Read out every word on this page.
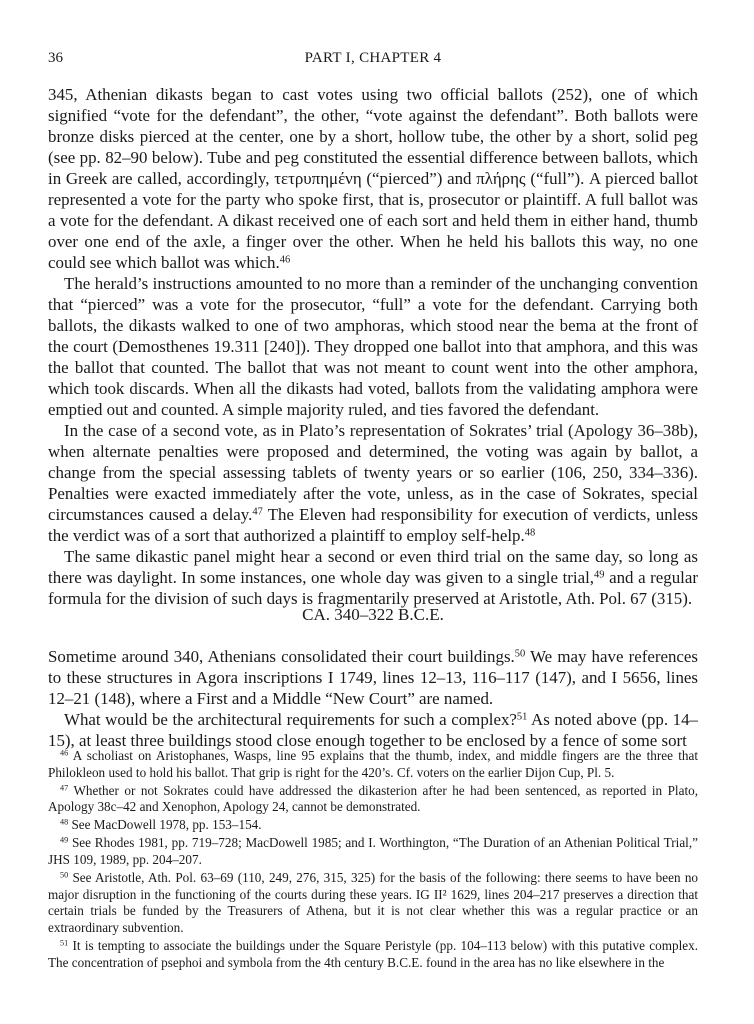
36	PART I, CHAPTER 4

345, Athenian dikasts began to cast votes using two official ballots (252), one of which signified “vote for the defendant”, the other, “vote against the defendant”. Both ballots were bronze disks pierced at the center, one by a short, hollow tube, the other by a short, solid peg (see pp. 82–90 below). Tube and peg constituted the essential difference between ballots, which in Greek are called, accordingly, τετρυπημένη (“pierced”) and πλήρης (“full”). A pierced ballot represented a vote for the party who spoke first, that is, prosecutor or plaintiff. A full ballot was a vote for the defendant. A dikast received one of each sort and held them in either hand, thumb over one end of the axle, a finger over the other. When he held his ballots this way, no one could see which ballot was which.$^{46}$

The herald’s instructions amounted to no more than a reminder of the unchanging convention that “pierced” was a vote for the prosecutor, “full” a vote for the defendant. Carrying both ballots, the dikasts walked to one of two amphoras, which stood near the bema at the front of the court (Demosthenes 19.311 [240]). They dropped one ballot into that amphora, and this was the ballot that counted. The ballot that was not meant to count went into the other amphora, which took discards. When all the dikasts had voted, ballots from the validating amphora were emptied out and counted. A simple majority ruled, and ties favored the defendant.

In the case of a second vote, as in Plato’s representation of Sokrates’ trial (Apology 36–38b), when alternate penalties were proposed and determined, the voting was again by ballot, a change from the special assessing tablets of twenty years or so earlier (106, 250, 334–336). Penalties were exacted immediately after the vote, unless, as in the case of Sokrates, special circumstances caused a delay.$^{47}$ The Eleven had responsibility for execution of verdicts, unless the verdict was of a sort that authorized a plaintiff to employ self-help.$^{48}$

The same dikastic panel might hear a second or even third trial on the same day, so long as there was daylight. In some instances, one whole day was given to a single trial,$^{49}$ and a regular formula for the division of such days is fragmentarily preserved at Aristotle, Ath. Pol. 67 (315).

CA. 340–322 B.C.E.

Sometime around 340, Athenians consolidated their court buildings.$^{50}$ We may have references to these structures in Agora inscriptions I 1749, lines 12–13, 116–117 (147), and I 5656, lines 12–21 (148), where a First and a Middle “New Court” are named.

What would be the architectural requirements for such a complex?$^{51}$ As noted above (pp. 14–15), at least three buildings stood close enough together to be enclosed by a fence of some sort

$^{46}$ A scholiast on Aristophanes, Wasps, line 95 explains that the thumb, index, and middle fingers are the three that Philokleon used to hold his ballot. That grip is right for the 420’s. Cf. voters on the earlier Dijon Cup, Pl. 5.

$^{47}$ Whether or not Sokrates could have addressed the dikasterion after he had been sentenced, as reported in Plato, Apology 38c–42 and Xenophon, Apology 24, cannot be demonstrated.

$^{48}$ See MacDowell 1978, pp. 153–154.

$^{49}$ See Rhodes 1981, pp. 719–728; MacDowell 1985; and I. Worthington, “The Duration of an Athenian Political Trial,” JHS 109, 1989, pp. 204–207.

$^{50}$ See Aristotle, Ath. Pol. 63–69 (110, 249, 276, 315, 325) for the basis of the following: there seems to have been no major disruption in the functioning of the courts during these years. IG II² 1629, lines 204–217 preserves a direction that certain trials be funded by the Treasurers of Athena, but it is not clear whether this was a regular practice or an extraordinary subvention.

$^{51}$ It is tempting to associate the buildings under the Square Peristyle (pp. 104–113 below) with this putative complex. The concentration of psephoi and symbola from the 4th century B.C.E. found in the area has no like elsewhere in the
